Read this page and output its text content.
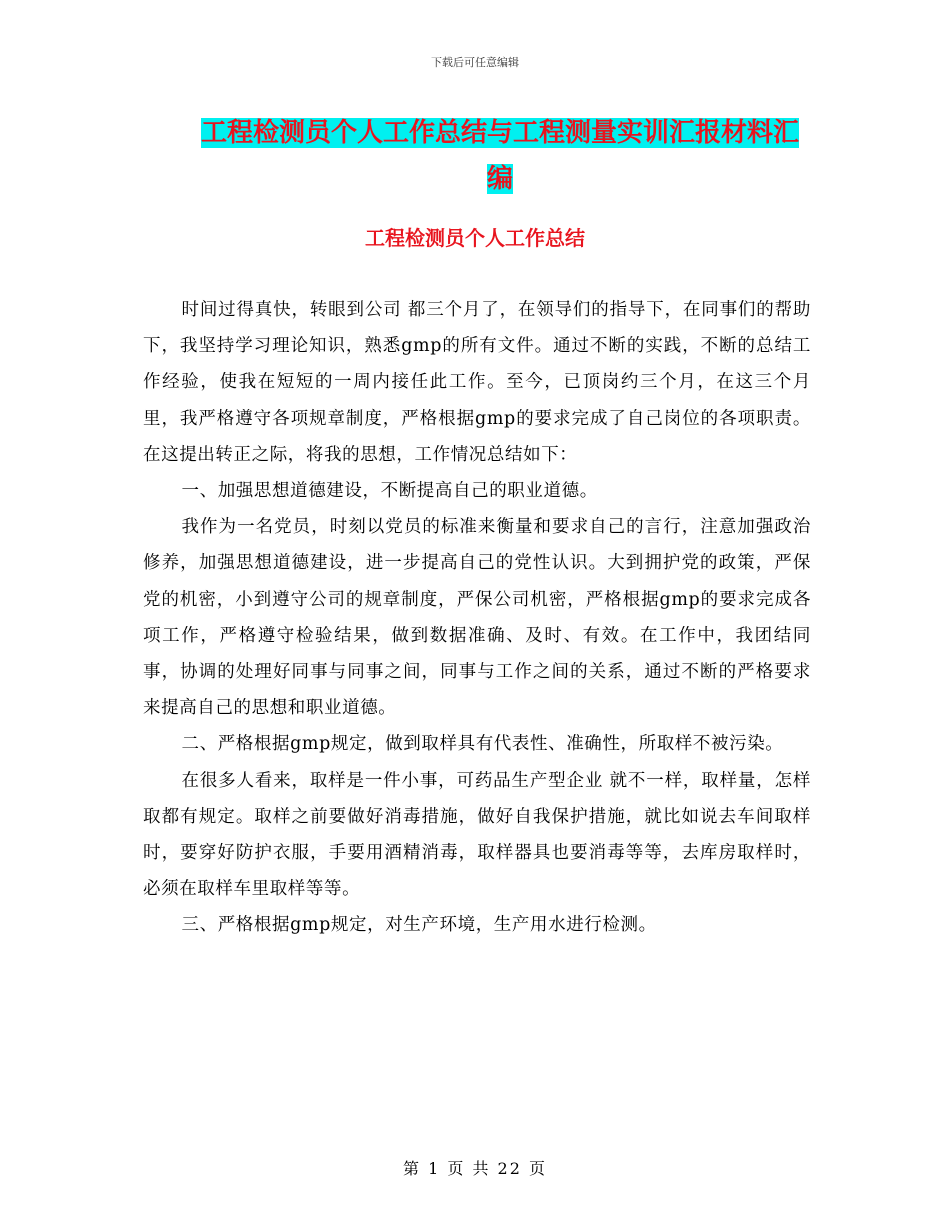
下载后可任意编辑
工程检测员个人工作总结与工程测量实训汇报材料汇编
工程检测员个人工作总结

时间过得真快，转眼到公司 都三个月了，在领导们的指导下，在同事们的帮助下，我坚持学习理论知识，熟悉gmp的所有文件。通过不断的实践，不断的总结工作经验，使我在短短的一周内接任此工作。至今，已顶岗约三个月，在这三个月里，我严格遵守各项规章制度，严格根据gmp的要求完成了自己岗位的各项职责。在这提出转正之际，将我的思想，工作情况总结如下：

一、加强思想道德建设，不断提高自己的职业道德。

我作为一名党员，时刻以党员的标准来衡量和要求自己的言行，注意加强政治修养，加强思想道德建设，进一步提高自己的党性认识。大到拥护党的政策，严保党的机密，小到遵守公司的规章制度，严保公司机密，严格根据gmp的要求完成各项工作，严格遵守检验结果，做到数据准确、及时、有效。在工作中，我团结同事，协调的处理好同事与同事之间，同事与工作之间的关系，通过不断的严格要求来提高自己的思想和职业道德。

二、严格根据gmp规定，做到取样具有代表性、准确性，所取样不被污染。

在很多人看来，取样是一件小事，可药品生产型企业 就不一样，取样量，怎样取都有规定。取样之前要做好消毒措施，做好自我保护措施，就比如说去车间取样时，要穿好防护衣服，手要用酒精消毒，取样器具也要消毒等等，去库房取样时，必须在取样车里取样等等。

三、严格根据gmp规定，对生产环境，生产用水进行检测。

第 1 页 共 22 页
